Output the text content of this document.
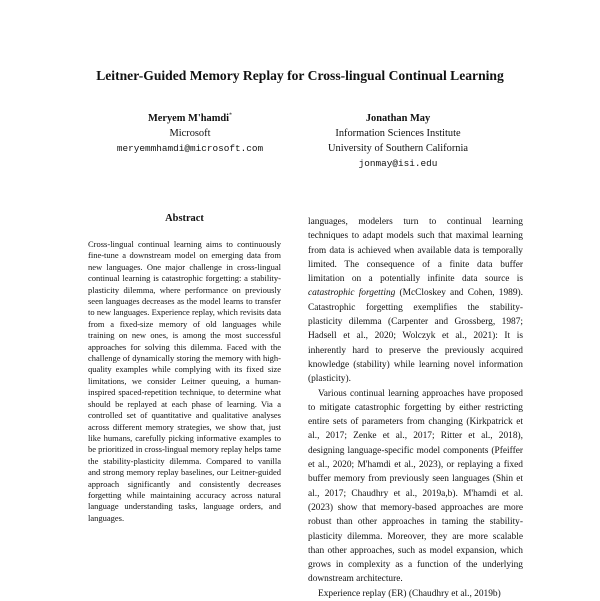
Leitner-Guided Memory Replay for Cross-lingual Continual Learning
Meryem M'hamdi*
Microsoft
meryemmhamdi@microsoft.com
Jonathan May
Information Sciences Institute
University of Southern California
jonmay@isi.edu
Abstract
Cross-lingual continual learning aims to continuously fine-tune a downstream model on emerging data from new languages. One major challenge in cross-lingual continual learning is catastrophic forgetting: a stability-plasticity dilemma, where performance on previously seen languages decreases as the model learns to transfer to new languages. Experience replay, which revisits data from a fixed-size memory of old languages while training on new ones, is among the most successful approaches for solving this dilemma. Faced with the challenge of dynamically storing the memory with high-quality examples while complying with its fixed size limitations, we consider Leitner queuing, a human-inspired spaced-repetition technique, to determine what should be replayed at each phase of learning. Via a controlled set of quantitative and qualitative analyses across different memory strategies, we show that, just like humans, carefully picking informative examples to be prioritized in cross-lingual memory replay helps tame the stability-plasticity dilemma. Compared to vanilla and strong memory replay baselines, our Leitner-guided approach significantly and consistently decreases forgetting while maintaining accuracy across natural language understanding tasks, language orders, and languages.

languages, modelers turn to continual learning techniques to adapt models such that maximal learning from data is achieved when available data is temporally limited. The consequence of a finite data buffer limitation on a potentially infinite data source is catastrophic forgetting (McCloskey and Cohen, 1989). Catastrophic forgetting exemplifies the stability-plasticity dilemma (Carpenter and Grossberg, 1987; Hadsell et al., 2020; Wolczyk et al., 2021): It is inherently hard to preserve the previously acquired knowledge (stability) while learning novel information (plasticity).

Various continual learning approaches have proposed to mitigate catastrophic forgetting by either restricting entire sets of parameters from changing (Kirkpatrick et al., 2017; Zenke et al., 2017; Ritter et al., 2018), designing language-specific model components (Pfeiffer et al., 2020; M'hamdi et al., 2023), or replaying a fixed buffer memory from previously seen languages (Shin et al., 2017; Chaudhry et al., 2019a,b). M'hamdi et al. (2023) show that memory-based approaches are more robust than other approaches in taming the stability-plasticity dilemma. Moreover, they are more scalable than other approaches, such as model expansion, which grows in complexity as a function of the underlying downstream architecture.

Experience replay (ER) (Chaudhry et al., 2019b)
